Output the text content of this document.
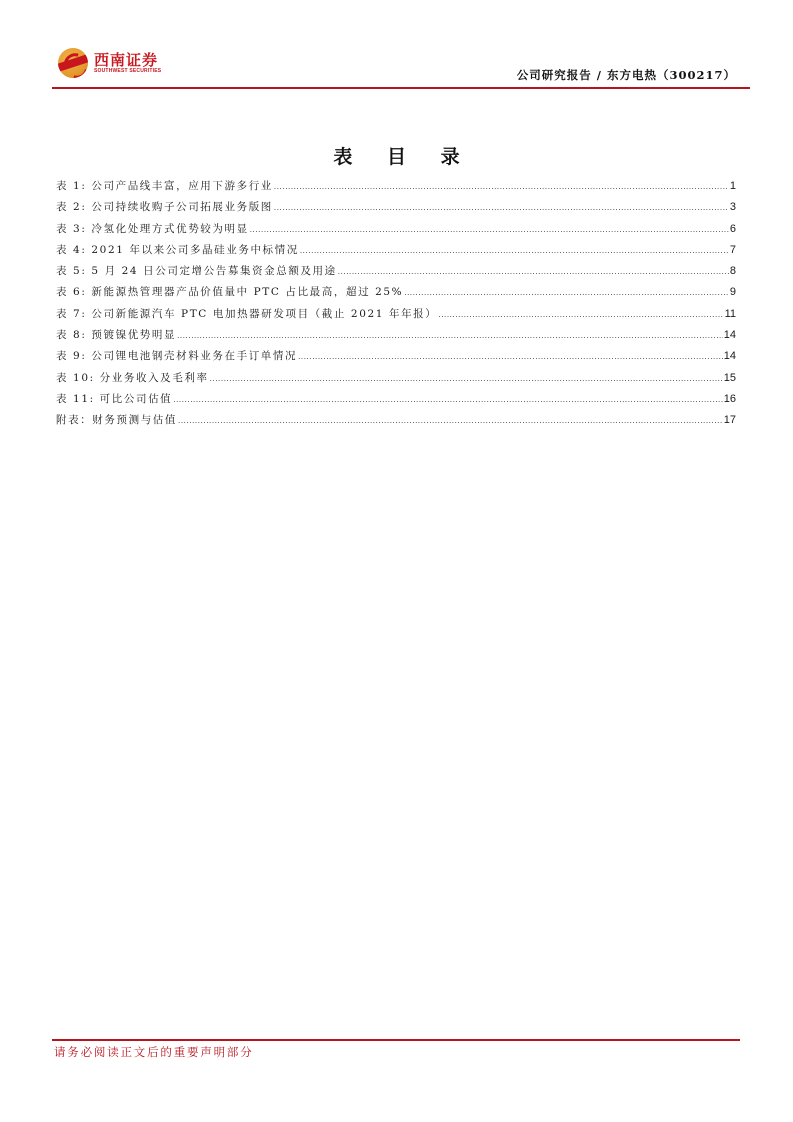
西南证券
SOUTHWEST SECURITIES	公司研究报告 / 东方电热（300217）
表 目 录
表 1: 公司产品线丰富，应用下游多行业 .....	1
表 2: 公司持续收购子公司拓展业务版图 .....	3
表 3: 冷氢化处理方式优势较为明显 .....	6
表 4: 2021 年以来公司多晶硅业务中标情况 .....	7
表 5: 5 月 24 日公司定增公告募集资金总额及用途 .....	8
表 6: 新能源热管理器产品价值量中 PTC 占比最高，超过 25% .....	9
表 7: 公司新能源汽车 PTC 电加热器研发项目（截止 2021 年年报） .....	11
表 8: 预镀镍优势明显 .....	14
表 9: 公司锂电池钢壳材料业务在手订单情况 .....	14
表 10: 分业务收入及毛利率 .....	15
表 11: 可比公司估值 .....	16
附表：财务预测与估值 .....	17
请务必阅读正文后的重要声明部分
